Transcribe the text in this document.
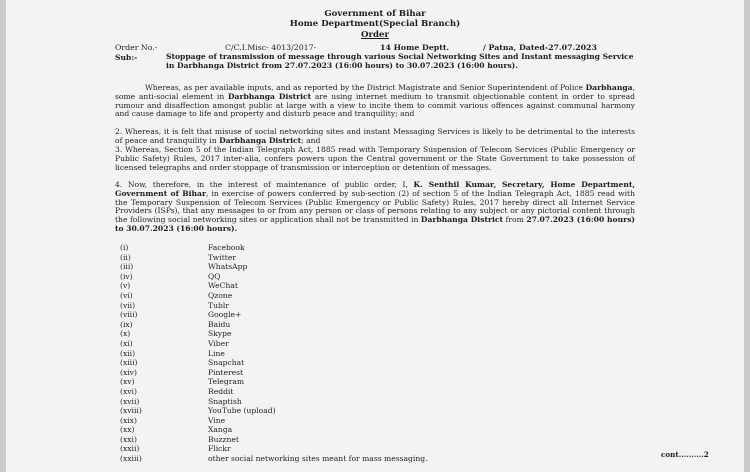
Government of Bihar
Home Department(Special Branch)
Order
Order No.-	C/C.I.Misc- 4013/2017-	14 Home Deptt.	/ Patna, Dated-27.07.2023
Sub:-	Stoppage of transmission of message through various Social Networking Sites and Instant messaging Service in Darbhanga District from 27.07.2023 (16:00 hours) to 30.07.2023 (16:00 hours).

Whereas, as per available inputs, and as reported by the District Magistrate and Senior Superintendent of Police Darbhanga, some anti-social element in Darbhanga District are using internet medium to transmit objectionable content in order to spread rumour and disaffection amongst public at large with a view to incite them to commit various offences against communal harmony and cause damage to life and property and disturb peace and tranquility; and

2. Whereas, it is felt that misuse of social networking sites and instant Messaging Services is likely to be detrimental to the interests of peace and tranquility in Darbhanga District; and

3. Whereas, Section 5 of the Indian Telegraph Act, 1885 read with Temporary Suspension of Telecom Services (Public Emergency or Public Safety) Rules, 2017 inter-alia, confers powers upon the Central government or the State Government to take possession of licensed telegraphs and order stoppage of transmission or interception or detention of messages.

4. Now, therefore, in the interest of maintenance of public order, I, K. Senthil Kumar, Secretary, Home Department, Government of Bihar, in exercise of powers conferred by sub-section (2) of section 5 of the Indian Telegraph Act, 1885 read with the Temporary Suspension of Telecom Services (Public Emergency or Public Safety) Rules, 2017 hereby direct all Internet Service Providers (ISPs), that any messages to or from any person or class of persons relating to any subject or any pictorial content through the following social networking sites or application shall not be transmitted in Darbhanga District from 27.07.2023 (16:00 hours) to 30.07.2023 (16:00 hours).

(i)	Facebook
(ii)	Twitter
(iii)	WhatsApp
(iv)	QQ
(v)	WeChat
(vi)	Qzone
(vii)	Tublr
(viii)	Google+
(ix)	Baidu
(x)	Skype
(xi)	Viber
(xii)	Line
(xiii)	Snapchat
(xiv)	Pinterest
(xv)	Telegram
(xvi)	Reddit
(xvii)	Snaptish
(xviii)	YouTube (upload)
(xix)	Vine
(xx)	Xanga
(xxi)	Buzznet
(xxii)	Flickr
(xxiii)	other social networking sites meant for mass messaging.	cont..........2
